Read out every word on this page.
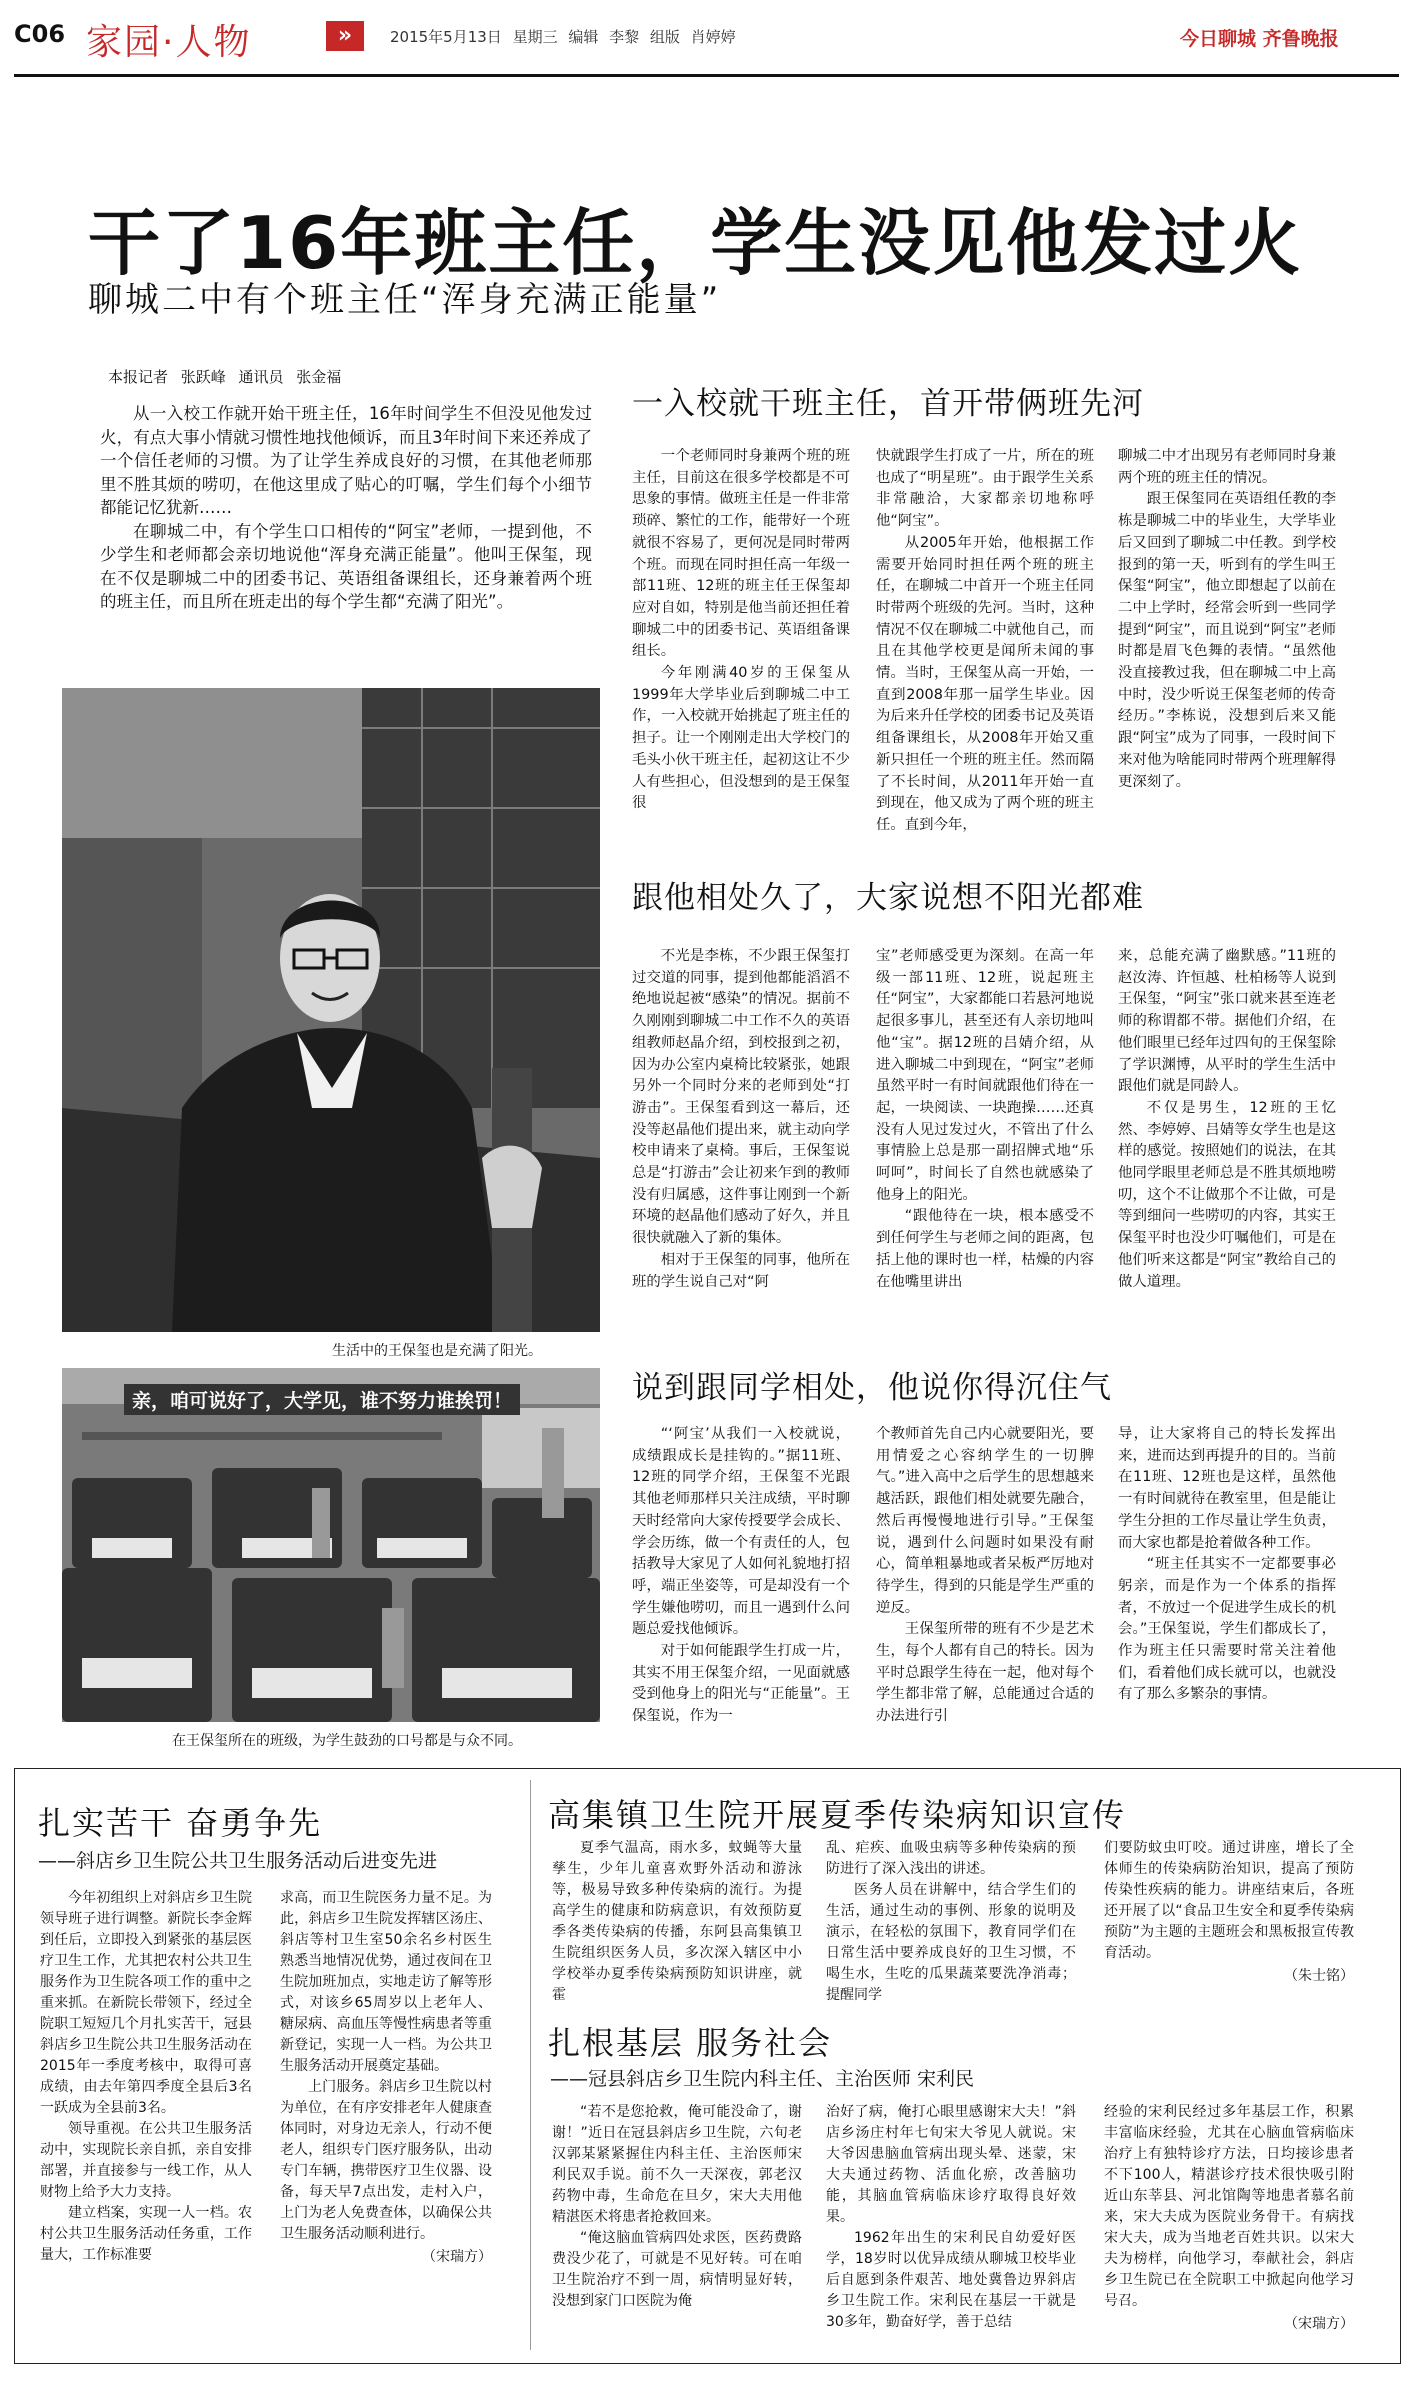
C06 家园·人物	»	2015年5月13日 星期三 编辑 李黎 组版 肖婷婷	今日聊城 齐鲁晚报
干了16年班主任，学生没见他发过火
聊城二中有个班主任“浑身充满正能量”
本报记者 张跃峰 通讯员 张金福

从一入校工作就开始干班主任，16年时间学生不但没见他发过火，有点大事小情就习惯性地找他倾诉，而且3年时间下来还养成了一个信任老师的习惯。为了让学生养成良好的习惯，在其他老师那里不胜其烦的唠叨，在他这里成了贴心的叮嘱，学生们每个小细节都能记忆犹新……

在聊城二中，有个学生口口相传的“阿宝”老师，一提到他，不少学生和老师都会亲切地说他“浑身充满正能量”。他叫王保玺，现在不仅是聊城二中的团委书记、英语组备课组长，还身兼着两个班的班主任，而且所在班走出的每个学生都“充满了阳光”。

生活中的王保玺也是充满了阳光。
亲，咱可说好了，大学见，谁不努力谁挨罚！
在王保玺所在的班级，为学生鼓劲的口号都是与众不同。
一入校就干班主任，首开带俩班先河

一个老师同时身兼两个班的班主任，目前这在很多学校都是不可思象的事情。做班主任是一件非常琐碎、繁忙的工作，能带好一个班就很不容易了，更何况是同时带两个班。而现在同时担任高一年级一部11班、12班的班主任王保玺却应对自如，特别是他当前还担任着聊城二中的团委书记、英语组备课组长。

今年刚满40岁的王保玺从1999年大学毕业后到聊城二中工作，一入校就开始挑起了班主任的担子。让一个刚刚走出大学校门的毛头小伙干班主任，起初这让不少人有些担心，但没想到的是王保玺很

快就跟学生打成了一片，所在的班也成了“明星班”。由于跟学生关系非常融洽，大家都亲切地称呼他“阿宝”。

从2005年开始，他根据工作需要开始同时担任两个班的班主任，在聊城二中首开一个班主任同时带两个班级的先河。当时，这种情况不仅在聊城二中就他自己，而且在其他学校更是闻所未闻的事情。当时，王保玺从高一开始，一直到2008年那一届学生毕业。因为后来升任学校的团委书记及英语组备课组长，从2008年开始又重新只担任一个班的班主任。然而隔了不长时间，从2011年开始一直到现在，他又成为了两个班的班主任。直到今年，

聊城二中才出现另有老师同时身兼两个班的班主任的情况。

跟王保玺同在英语组任教的李栋是聊城二中的毕业生，大学毕业后又回到了聊城二中任教。到学校报到的第一天，听到有的学生叫王保玺“阿宝”，他立即想起了以前在二中上学时，经常会听到一些同学提到“阿宝”，而且说到“阿宝”老师时都是眉飞色舞的表情。“虽然他没直接教过我，但在聊城二中上高中时，没少听说王保玺老师的传奇经历。”李栋说，没想到后来又能跟“阿宝”成为了同事，一段时间下来对他为啥能同时带两个班理解得更深刻了。

跟他相处久了，大家说想不阳光都难

不光是李栋，不少跟王保玺打过交道的同事，提到他都能滔滔不绝地说起被“感染”的情况。据前不久刚刚到聊城二中工作不久的英语组教师赵晶介绍，到校报到之初，因为办公室内桌椅比较紧张，她跟另外一个同时分来的老师到处“打游击”。王保玺看到这一幕后，还没等赵晶他们提出来，就主动向学校申请来了桌椅。事后，王保玺说总是“打游击”会让初来乍到的教师没有归属感，这件事让刚到一个新环境的赵晶他们感动了好久，并且很快就融入了新的集体。

相对于王保玺的同事，他所在班的学生说自己对“阿

宝”老师感受更为深刻。在高一年级一部11班、12班，说起班主任“阿宝”，大家都能口若悬河地说起很多事儿，甚至还有人亲切地叫他“宝”。据12班的吕婧介绍，从进入聊城二中到现在，“阿宝”老师虽然平时一有时间就跟他们待在一起，一块阅读、一块跑操……还真没有人见过发过火，不管出了什么事情脸上总是那一副招牌式地“乐呵呵”，时间长了自然也就感染了他身上的阳光。

“跟他待在一块，根本感受不到任何学生与老师之间的距离，包括上他的课时也一样，枯燥的内容在他嘴里讲出

来，总能充满了幽默感。”11班的赵汝涛、许恒越、杜柏杨等人说到王保玺，“阿宝”张口就来甚至连老师的称谓都不带。据他们介绍，在他们眼里已经年过四旬的王保玺除了学识渊博，从平时的学生生活中跟他们就是同龄人。

不仅是男生，12班的王忆然、李婷婷、吕婧等女学生也是这样的感觉。按照她们的说法，在其他同学眼里老师总是不胜其烦地唠叨，这个不让做那个不让做，可是等到细问一些唠叨的内容，其实王保玺平时也没少叮嘱他们，可是在他们听来这都是“阿宝”教给自己的做人道理。

说到跟同学相处，他说你得沉住气

“‘阿宝’从我们一入校就说，成绩跟成长是挂钩的。”据11班、12班的同学介绍，王保玺不光跟其他老师那样只关注成绩，平时聊天时经常向大家传授要学会成长、学会历练，做一个有责任的人，包括教导大家见了人如何礼貌地打招呼，端正坐姿等，可是却没有一个学生嫌他唠叨，而且一遇到什么问题总爱找他倾诉。

对于如何能跟学生打成一片，其实不用王保玺介绍，一见面就感受到他身上的阳光与“正能量”。王保玺说，作为一

个教师首先自己内心就要阳光，要用情爱之心容纳学生的一切脾气。”进入高中之后学生的思想越来越活跃，跟他们相处就要先融合，然后再慢慢地进行引导。”王保玺说，遇到什么问题时如果没有耐心，简单粗暴地或者呆板严厉地对待学生，得到的只能是学生严重的逆反。

王保玺所带的班有不少是艺术生，每个人都有自己的特长。因为平时总跟学生待在一起，他对每个学生都非常了解，总能通过合适的办法进行引

导，让大家将自己的特长发挥出来，进而达到再提升的目的。当前在11班、12班也是这样，虽然他一有时间就待在教室里，但是能让学生分担的工作尽量让学生负责，而大家也都是抢着做各种工作。

“班主任其实不一定都要事必躬亲，而是作为一个体系的指挥者，不放过一个促进学生成长的机会。”王保玺说，学生们都成长了，作为班主任只需要时常关注着他们，看着他们成长就可以，也就没有了那么多繁杂的事情。

扎实苦干 奋勇争先
——斜店乡卫生院公共卫生服务活动后进变先进

今年初组织上对斜店乡卫生院领导班子进行调整。新院长李金辉到任后，立即投入到紧张的基层医疗卫生工作，尤其把农村公共卫生服务作为卫生院各项工作的重中之重来抓。在新院长带领下，经过全院职工短短几个月扎实苦干，冠县斜店乡卫生院公共卫生服务活动在2015年一季度考核中，取得可喜成绩，由去年第四季度全县后3名一跃成为全县前3名。

领导重视。在公共卫生服务活动中，实现院长亲自抓，亲自安排部署，并直接参与一线工作，从人财物上给予大力支持。

建立档案，实现一人一档。农村公共卫生服务活动任务重，工作量大，工作标准要

求高，而卫生院医务力量不足。为此，斜店乡卫生院发挥辖区汤庄、斜店等村卫生室50余名乡村医生熟悉当地情况优势，通过夜间在卫生院加班加点，实地走访了解等形式，对该乡65周岁以上老年人、糖尿病、高血压等慢性病患者等重新登记，实现一人一档。为公共卫生服务活动开展奠定基础。

上门服务。斜店乡卫生院以村为单位，在有序安排老年人健康查体同时，对身边无亲人，行动不便老人，组织专门医疗服务队，出动专门车辆，携带医疗卫生仪器、设备，每天早7点出发，走村入户，上门为老人免费查体，以确保公共卫生服务活动顺利进行。

（宋瑞方）
高集镇卫生院开展夏季传染病知识宣传

夏季气温高，雨水多，蚊蝇等大量孳生，少年儿童喜欢野外活动和游泳等，极易导致多种传染病的流行。为提高学生的健康和防病意识，有效预防夏季各类传染病的传播，东阿县高集镇卫生院组织医务人员，多次深入辖区中小学校举办夏季传染病预防知识讲座，就霍

乱、疟疾、血吸虫病等多种传染病的预防进行了深入浅出的讲述。

医务人员在讲解中，结合学生们的生活，通过生动的事例、形象的说明及演示，在轻松的氛围下，教育同学们在日常生活中要养成良好的卫生习惯，不喝生水，生吃的瓜果蔬菜要洗净消毒；提醒同学

们要防蚊虫叮咬。通过讲座，增长了全体师生的传染病防治知识，提高了预防传染性疾病的能力。讲座结束后，各班还开展了以“食品卫生安全和夏季传染病预防”为主题的主题班会和黑板报宣传教育活动。

（朱士铭）
扎根基层 服务社会
——冠县斜店乡卫生院内科主任、主治医师 宋利民

“若不是您抢救，俺可能没命了，谢谢！”近日在冠县斜店乡卫生院，六旬老汉郭某紧紧握住内科主任、主治医师宋利民双手说。前不久一天深夜，郭老汉药物中毒，生命危在旦夕，宋大夫用他精湛医术将患者抢救回来。

“俺这脑血管病四处求医，医药费路费没少花了，可就是不见好转。可在咱卫生院治疗不到一周，病情明显好转，没想到家门口医院为俺

治好了病，俺打心眼里感谢宋大夫！”斜店乡汤庄村年七旬宋大爷见人就说。宋大爷因患脑血管病出现头晕、迷蒙，宋大夫通过药物、活血化瘀，改善脑功能，其脑血管病临床诊疗取得良好效果。

1962年出生的宋利民自幼爱好医学，18岁时以优异成绩从聊城卫校毕业后自愿到条件艰苦、地处冀鲁边界斜店乡卫生院工作。宋利民在基层一干就是30多年，勤奋好学，善于总结

经验的宋利民经过多年基层工作，积累丰富临床经验，尤其在心脑血管病临床治疗上有独特诊疗方法，日均接诊患者不下100人，精湛诊疗技术很快吸引附近山东莘县、河北馆陶等地患者慕名前来，宋大夫成为医院业务骨干。有病找宋大夫，成为当地老百姓共识。以宋大夫为榜样，向他学习，奉献社会，斜店乡卫生院已在全院职工中掀起向他学习号召。

（宋瑞方）
